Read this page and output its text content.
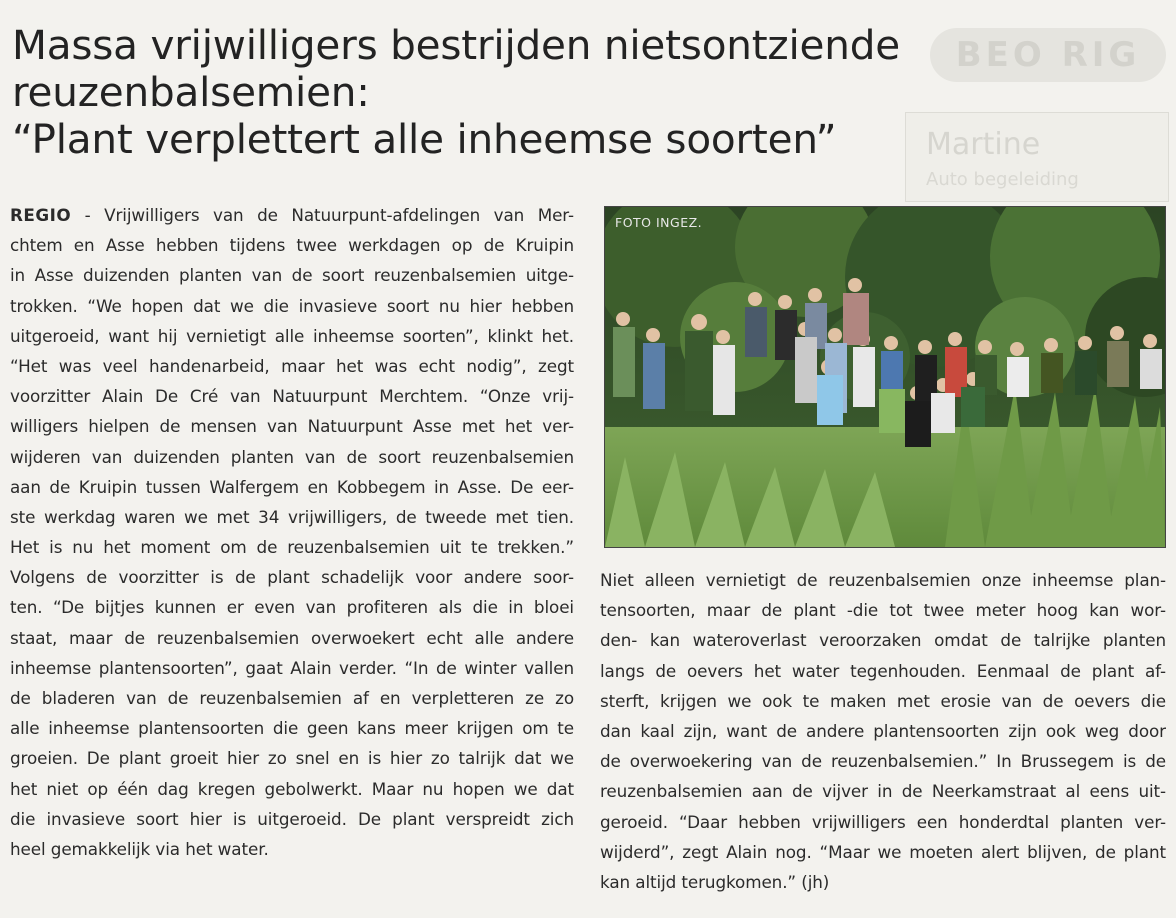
BEO RIG
Martine
Auto begeleiding
Massa vrijwilligers bestrijden nietsontziende
reuzenbalsemien:
“Plant verplettert alle inheemse soorten”
REGIO - Vrijwilligers van de Natuurpunt-afdelingen van Mer-
chtem en Asse hebben tijdens twee werkdagen op de Kruipin
in Asse duizenden planten van de soort reuzenbalsemien uitge-
trokken. “We hopen dat we die invasieve soort nu hier hebben
uitgeroeid, want hij vernietigt alle inheemse soorten”, klinkt het.
“Het was veel handenarbeid, maar het was echt nodig”, zegt
voorzitter Alain De Cré van Natuurpunt Merchtem. “Onze vrij-
willigers hielpen de mensen van Natuurpunt Asse met het ver-
wijderen van duizenden planten van de soort reuzenbalsemien
aan de Kruipin tussen Walfergem en Kobbegem in Asse. De eer-
ste werkdag waren we met 34 vrijwilligers, de tweede met tien.
Het is nu het moment om de reuzenbalsemien uit te trekken.”
Volgens de voorzitter is de plant schadelijk voor andere soor-
ten. “De bijtjes kunnen er even van profiteren als die in bloei
staat, maar de reuzenbalsemien overwoekert echt alle andere
inheemse plantensoorten”, gaat Alain verder. “In de winter vallen
de bladeren van de reuzenbalsemien af en verpletteren ze zo
alle inheemse plantensoorten die geen kans meer krijgen om te
groeien. De plant groeit hier zo snel en is hier zo talrijk dat we
het niet op één dag kregen gebolwerkt. Maar nu hopen we dat
die invasieve soort hier is uitgeroeid. De plant verspreidt zich
heel gemakkelijk via het water.
FOTO INGEZ.
Niet alleen vernietigt de reuzenbalsemien onze inheemse plan-
tensoorten, maar de plant -die tot twee meter hoog kan wor-
den- kan wateroverlast veroorzaken omdat de talrijke planten
langs de oevers het water tegenhouden. Eenmaal de plant af-
sterft, krijgen we ook te maken met erosie van de oevers die
dan kaal zijn, want de andere plantensoorten zijn ook weg door
de overwoekering van de reuzenbalsemien.” In Brussegem is de
reuzenbalsemien aan de vijver in de Neerkamstraat al eens uit-
geroeid. “Daar hebben vrijwilligers een honderdtal planten ver-
wijderd”, zegt Alain nog. “Maar we moeten alert blijven, de plant
kan altijd terugkomen.” (jh)
